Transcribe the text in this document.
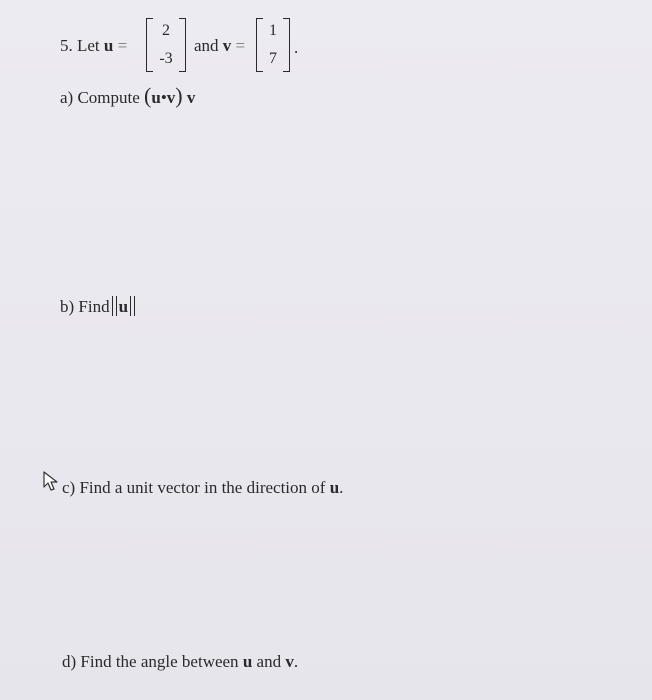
5. Let u =
2
-3
and v =
1
7
.
a) Compute (u•v) v
b) Find u
c) Find a unit vector in the direction of u.
d) Find the angle between u and v.
